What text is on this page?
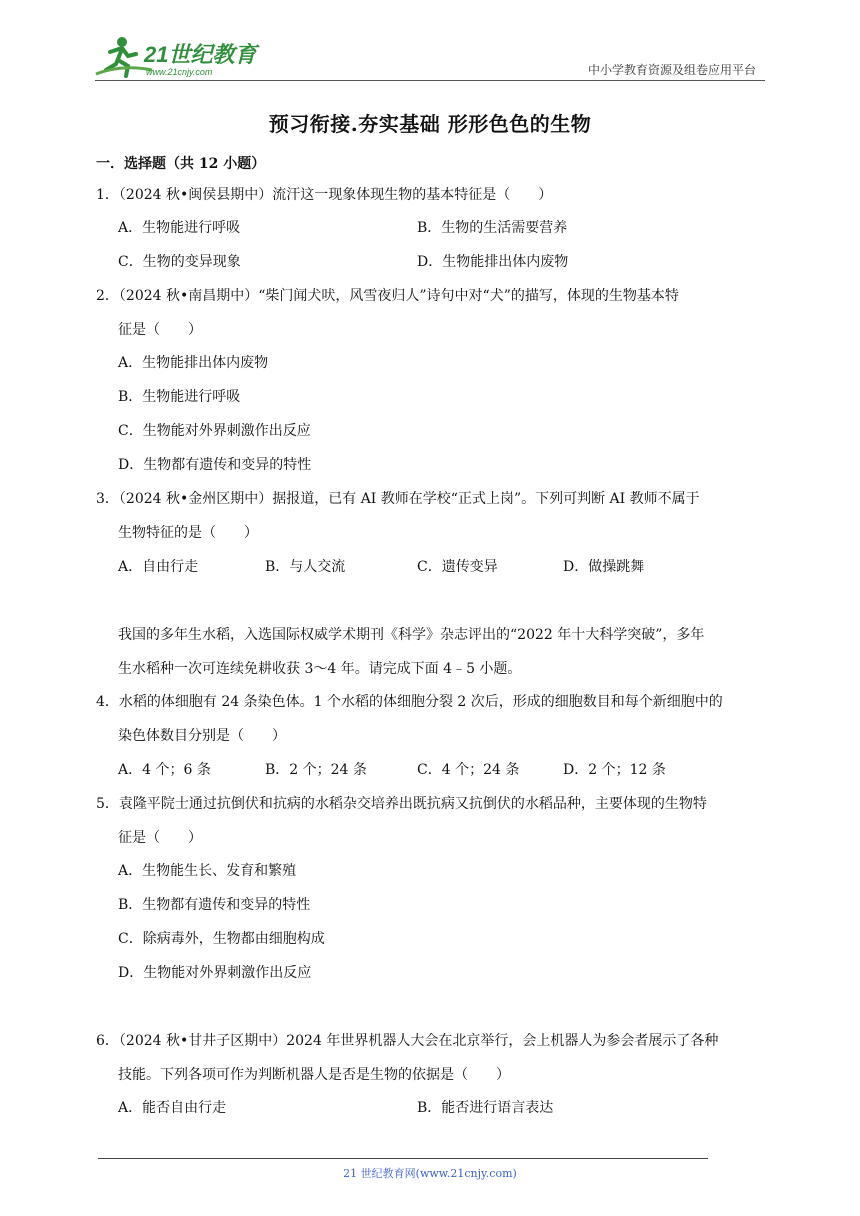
21世纪教育
www.21cnjy.com	中小学教育资源及组卷应用平台
预习衔接.夯实基础 形形色色的生物
一．选择题（共 12 小题）
1．（2024 秋•闽侯县期中）流汗这一现象体现生物的基本特征是（　　）
A．生物能进行呼吸	B．生物的生活需要营养
C．生物的变异现象	D．生物能排出体内废物
2．（2024 秋•南昌期中）“柴门闻犬吠，风雪夜归人”诗句中对“犬”的描写，体现的生物基本特
征是（　　）
A．生物能排出体内废物
B．生物能进行呼吸
C．生物能对外界刺激作出反应
D．生物都有遗传和变异的特性
3．（2024 秋•金州区期中）据报道，已有 AI 教师在学校“正式上岗”。下列可判断 AI 教师不属于
生物特征的是（　　）
A．自由行走	B．与人交流	C．遗传变异	D．做操跳舞
我国的多年生水稻，入选国际权威学术期刊《科学》杂志评出的“2022 年十大科学突破”，多年
生水稻种一次可连续免耕收获 3～4 年。请完成下面 4﹣5 小题。
4．水稻的体细胞有 24 条染色体。1 个水稻的体细胞分裂 2 次后，形成的细胞数目和每个新细胞中的
染色体数目分别是（　　）
A．4 个；6 条	B．2 个；24 条	C．4 个；24 条	D．2 个；12 条
5．袁隆平院士通过抗倒伏和抗病的水稻杂交培养出既抗病又抗倒伏的水稻品种，主要体现的生物特
征是（　　）
A．生物能生长、发育和繁殖
B．生物都有遗传和变异的特性
C．除病毒外，生物都由细胞构成
D．生物能对外界刺激作出反应
6．（2024 秋•甘井子区期中）2024 年世界机器人大会在北京举行，会上机器人为参会者展示了各种
技能。下列各项可作为判断机器人是否是生物的依据是（　　）
A．能否自由行走	B．能否进行语言表达
21 世纪教育网(www.21cnjy.com)
